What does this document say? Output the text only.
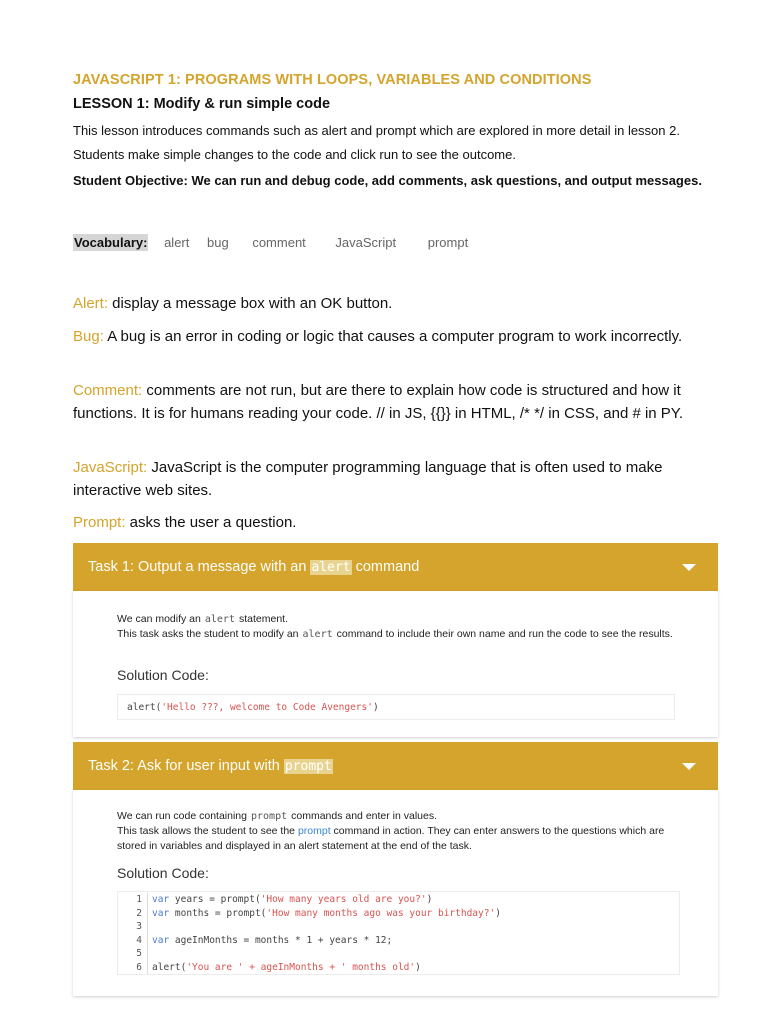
JAVASCRIPT 1: PROGRAMS WITH LOOPS, VARIABLES AND CONDITIONS
LESSON 1: Modify & run simple code
This lesson introduces commands such as alert and prompt which are explored in more detail in lesson 2. Students make simple changes to the code and click run to see the outcome.
Student Objective: We can run and debug code, add comments, ask questions, and output messages.
Vocabulary: alert bug comment JavaScript prompt
Alert: display a message box with an OK button.
Bug: A bug is an error in coding or logic that causes a computer program to work incorrectly.
Comment: comments are not run, but are there to explain how code is structured and how it functions. It is for humans reading your code. // in JS, {{}} in HTML, /* */ in CSS, and # in PY.
JavaScript: JavaScript is the computer programming language that is often used to make interactive web sites.
Prompt: asks the user a question.
Task 1: Output a message with an alert command
We can modify an alert statement.
This task asks the student to modify an alert command to include their own name and run the code to see the results.
Solution Code:
alert('Hello ???, welcome to Code Avengers')
Task 2: Ask for user input with prompt
We can run code containing prompt commands and enter in values.
This task allows the student to see the prompt command in action. They can enter answers to the questions which are stored in variables and displayed in an alert statement at the end of the task.
Solution Code:
1 var years = prompt('How many years old are you?')
2 var months = prompt('How many months ago was your birthday?')
3
4 var ageInMonths = months * 1 + years * 12;
5
6 alert('You are ' + ageInMonths + ' months old')
